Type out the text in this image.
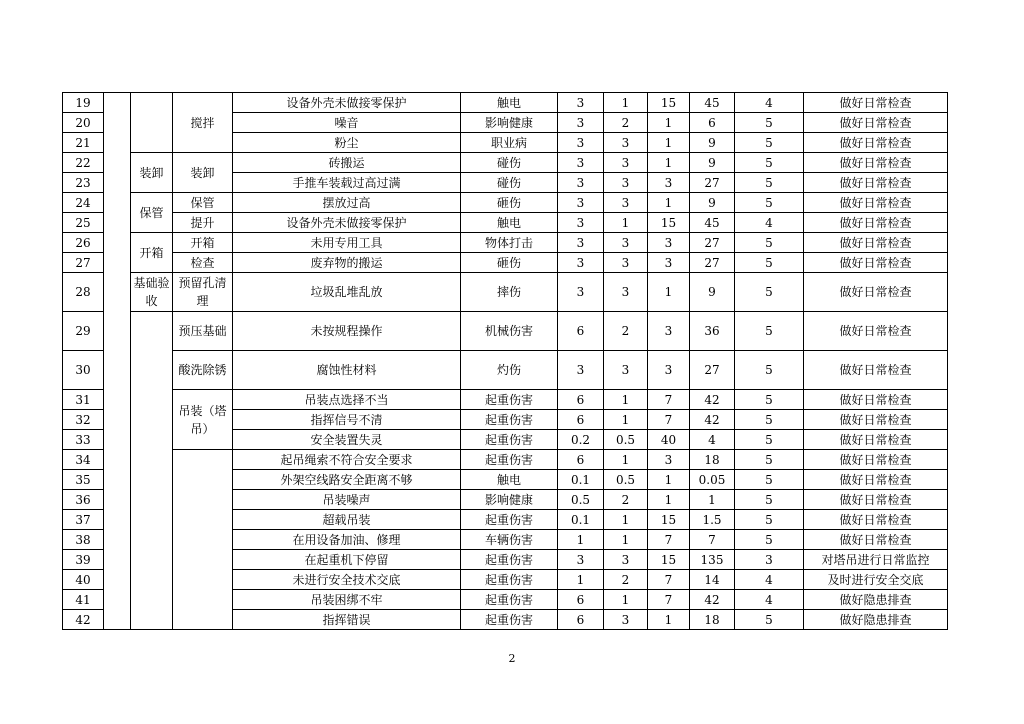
19			搅拌	设备外壳未做接零保护	触电	3	1	15	45	4	做好日常检查
20				噪音	影响健康	3	2	1	6	5	做好日常检查
21				粉尘	职业病	3	3	1	9	5	做好日常检查
22		装卸	装卸	砖搬运	碰伤	3	3	1	9	5	做好日常检查
23				手推车装载过高过满	碰伤	3	3	3	27	5	做好日常检查
24		保管	保管	摆放过高	砸伤	3	3	1	9	5	做好日常检查
25			提升	设备外壳未做接零保护	触电	3	1	15	45	4	做好日常检查
26		开箱	开箱	未用专用工具	物体打击	3	3	3	27	5	做好日常检查
27			检查	废弃物的搬运	砸伤	3	3	3	27	5	做好日常检查
28		基础验收	预留孔清理	垃圾乱堆乱放	摔伤	3	3	1	9	5	做好日常检查
29			预压基础	未按规程操作	机械伤害	6	2	3	36	5	做好日常检查
30			酸洗除锈	腐蚀性材料	灼伤	3	3	3	27	5	做好日常检查
31			吊装（塔吊）	吊装点选择不当	起重伤害	6	1	7	42	5	做好日常检查
32				指挥信号不清	起重伤害	6	1	7	42	5	做好日常检查
33				安全装置失灵	起重伤害	0.2	0.5	40	4	5	做好日常检查
34				起吊绳索不符合安全要求	起重伤害	6	1	3	18	5	做好日常检查
35				外架空线路安全距离不够	触电	0.1	0.5	1	0.05	5	做好日常检查
36				吊装噪声	影响健康	0.5	2	1	1	5	做好日常检查
37				超载吊装	起重伤害	0.1	1	15	1.5	5	做好日常检查
38				在用设备加油、修理	车辆伤害	1	1	7	7	5	做好日常检查
39				在起重机下停留	起重伤害	3	3	15	135	3	对塔吊进行日常监控
40				未进行安全技术交底	起重伤害	1	2	7	14	4	及时进行安全交底
41				吊装困绑不牢	起重伤害	6	1	7	42	4	做好隐患排查
42				指挥错误	起重伤害	6	3	1	18	5	做好隐患排查
2
